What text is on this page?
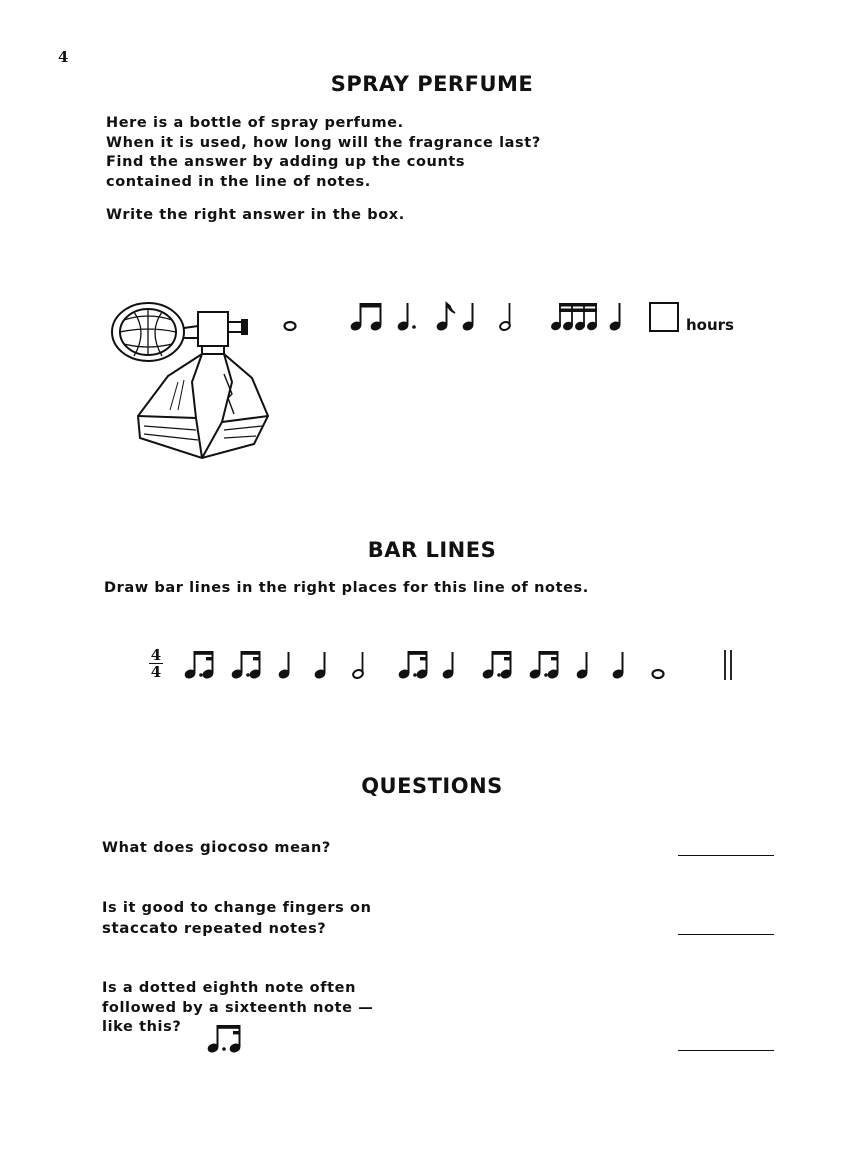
4
SPRAY PERFUME
Here is a bottle of spray perfume.
When it is used, how long will the fragrance last?
Find the answer by adding up the counts
contained in the line of notes.
Write the right answer in the box.
hours
BAR LINES
Draw bar lines in the right places for this line of notes.
4
4
QUESTIONS
What does giocoso mean?
Is it good to change fingers on
staccato repeated notes?
Is a dotted eighth note often
followed by a sixteenth note —
like this?
